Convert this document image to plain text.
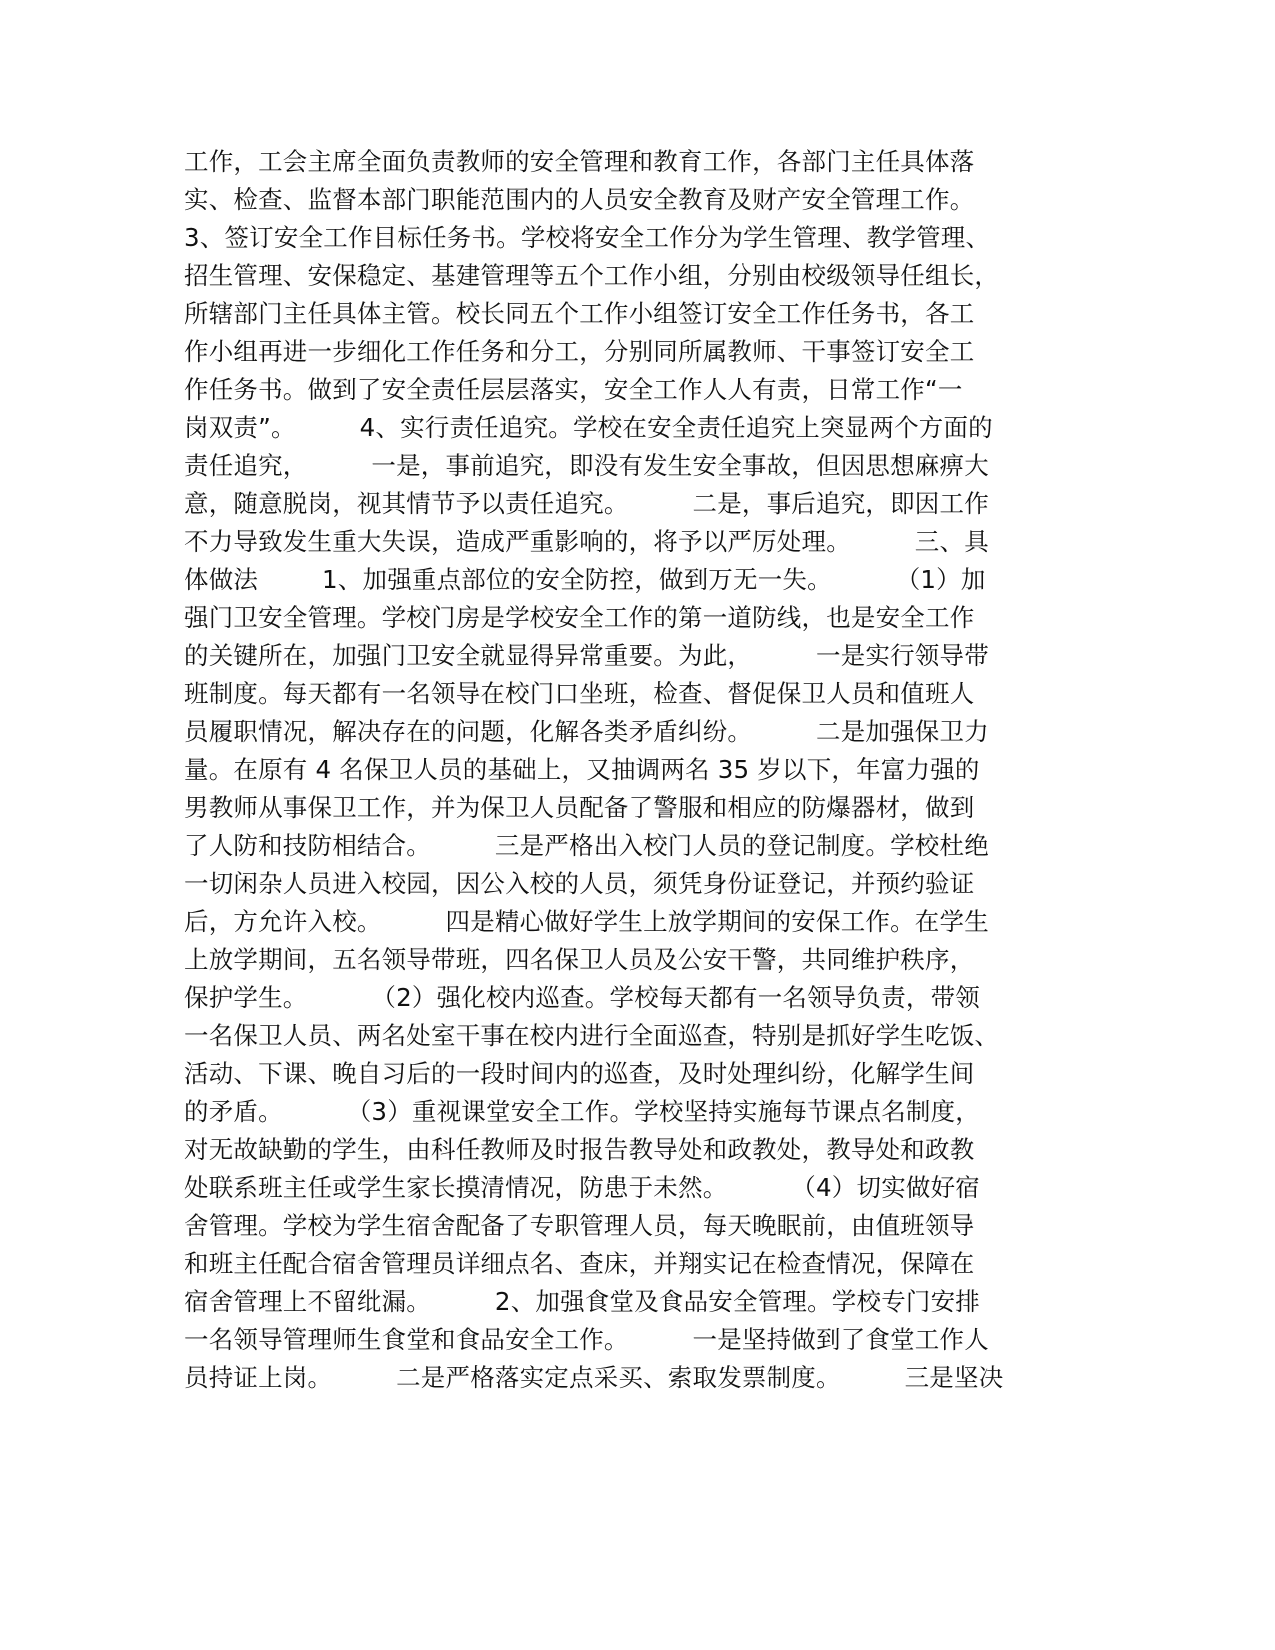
工作，工会主席全面负责教师的安全管理和教育工作，各部门主任具体落
实、检查、监督本部门职能范围内的人员安全教育及财产安全管理工作。
3、签订安全工作目标任务书。学校将安全工作分为学生管理、教学管理、
招生管理、安保稳定、基建管理等五个工作小组，分别由校级领导任组长，
所辖部门主任具体主管。校长同五个工作小组签订安全工作任务书，各工
作小组再进一步细化工作任务和分工，分别同所属教师、干事签订安全工
作任务书。做到了安全责任层层落实，安全工作人人有责，日常工作“一
岗双责”。        4、实行责任追究。学校在安全责任追究上突显两个方面的
责任追究，        一是，事前追究，即没有发生安全事故，但因思想麻痹大
意，随意脱岗，视其情节予以责任追究。        二是，事后追究，即因工作
不力导致发生重大失误，造成严重影响的，将予以严厉处理。        三、具
体做法        1、加强重点部位的安全防控，做到万无一失。        （1）加
强门卫安全管理。学校门房是学校安全工作的第一道防线，也是安全工作
的关键所在，加强门卫安全就显得异常重要。为此，        一是实行领导带
班制度。每天都有一名领导在校门口坐班，检查、督促保卫人员和值班人
员履职情况，解决存在的问题，化解各类矛盾纠纷。        二是加强保卫力
量。在原有 4 名保卫人员的基础上，又抽调两名 35 岁以下，年富力强的
男教师从事保卫工作，并为保卫人员配备了警服和相应的防爆器材，做到
了人防和技防相结合。        三是严格出入校门人员的登记制度。学校杜绝
一切闲杂人员进入校园，因公入校的人员，须凭身份证登记，并预约验证
后，方允许入校。        四是精心做好学生上放学期间的安保工作。在学生
上放学期间，五名领导带班，四名保卫人员及公安干警，共同维护秩序，
保护学生。        （2）强化校内巡查。学校每天都有一名领导负责，带领
一名保卫人员、两名处室干事在校内进行全面巡查，特别是抓好学生吃饭、
活动、下课、晚自习后的一段时间内的巡查，及时处理纠纷，化解学生间
的矛盾。        （3）重视课堂安全工作。学校坚持实施每节课点名制度，
对无故缺勤的学生，由科任教师及时报告教导处和政教处，教导处和政教
处联系班主任或学生家长摸清情况，防患于未然。        （4）切实做好宿
舍管理。学校为学生宿舍配备了专职管理人员，每天晚眠前，由值班领导
和班主任配合宿舍管理员详细点名、查床，并翔实记在检查情况，保障在
宿舍管理上不留纰漏。        2、加强食堂及食品安全管理。学校专门安排
一名领导管理师生食堂和食品安全工作。        一是坚持做到了食堂工作人
员持证上岗。        二是严格落实定点采买、索取发票制度。        三是坚决
